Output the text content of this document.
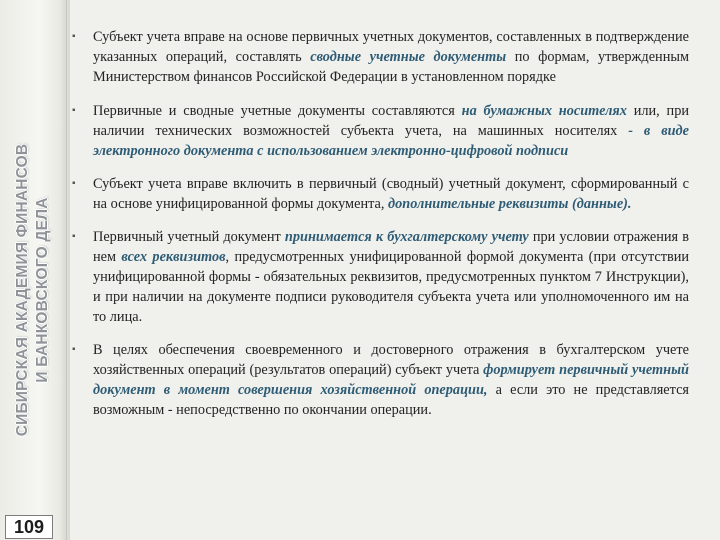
СИБИРСКАЯ АКАДЕМИЯ ФИНАНСОВ И БАНКОВСКОГО ДЕЛА
109
▪	Субъект учета вправе на основе первичных учетных документов, составленных в подтверждение указанных операций, составлять сводные учетные документы по формам, утвержденным Министерством финансов Российской Федерации в установленном порядке
▪	Первичные и сводные учетные документы составляются на бумажных носителях или, при наличии технических возможностей субъекта учета, на машинных носителях - в виде электронного документа с использованием электронно-цифровой подписи
▪	Субъект учета вправе включить в первичный (сводный) учетный документ, сформированный с на основе унифицированной формы документа, дополнительные реквизиты (данные).
▪	Первичный учетный документ принимается к бухгалтерскому учету при условии отражения в нем всех реквизитов, предусмотренных унифицированной формой документа (при отсутствии унифицированной формы - обязательных реквизитов, предусмотренных пунктом 7 Инструкции), и при наличии на документе подписи руководителя субъекта учета или уполномоченного им на то лица.
▪	В целях обеспечения своевременного и достоверного отражения в бухгалтерском учете хозяйственных операций (результатов операций) субъект учета формирует первичный учетный документ в момент совершения хозяйственной операции, а если это не представляется возможным - непосредственно по окончании операции.
